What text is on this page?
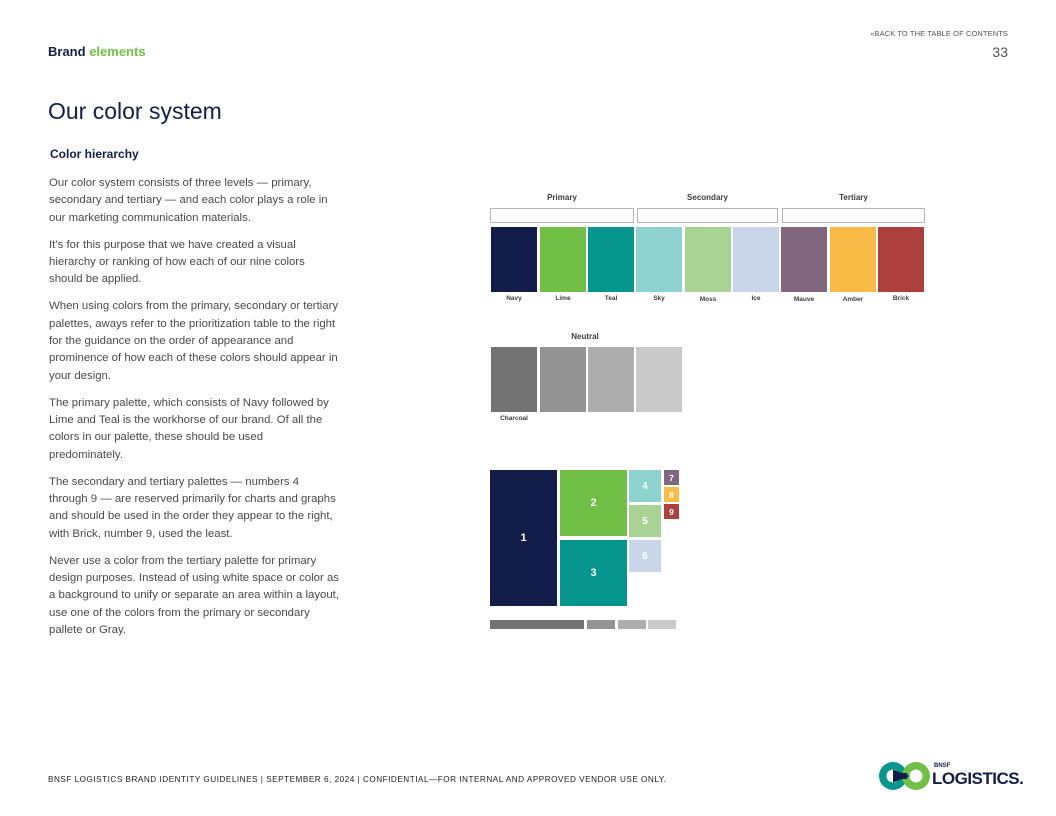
Brand elements
«BACK TO THE TABLE OF CONTENTS
33
Our color system
Color hierarchy

Our color system consists of three levels — primary, secondary and tertiary — and each color plays a role in our marketing communication materials.

It’s for this purpose that we have created a visual hierarchy or ranking of how each of our nine colors should be applied.

When using colors from the primary, secondary or tertiary palettes, aways refer to the prioritization table to the right for the guidance on the order of appearance and prominence of how each of these colors should appear in your design.

The primary palette, which consists of Navy followed by Lime and Teal is the workhorse of our brand. Of all the colors in our palette, these should be used predominately.

The secondary and tertiary palettes — numbers 4 through 9 — are reserved primarily for charts and graphs and should be used in the order they appear to the right, with Brick, number 9, used the least.

Never use a color from the tertiary palette for primary design purposes. Instead of using white space or color as a background to unify or separate an area within a layout, use one of the colors from the primary or secondary pallete or Gray.

Primary	Secondary	Tertiary
Navy	Lime	Teal	Sky	Moss	Ice	Mauve	Amber	Brick
Neutral
Charcoal
1
2
3
4
5
6
7
8
9
BNSF LOGISTICS BRAND IDENTITY GUIDELINES | SEPTEMBER 6, 2024 | CONFIDENTIAL—FOR INTERNAL AND APPROVED VENDOR USE ONLY.
BNSF
LOGISTICS.
